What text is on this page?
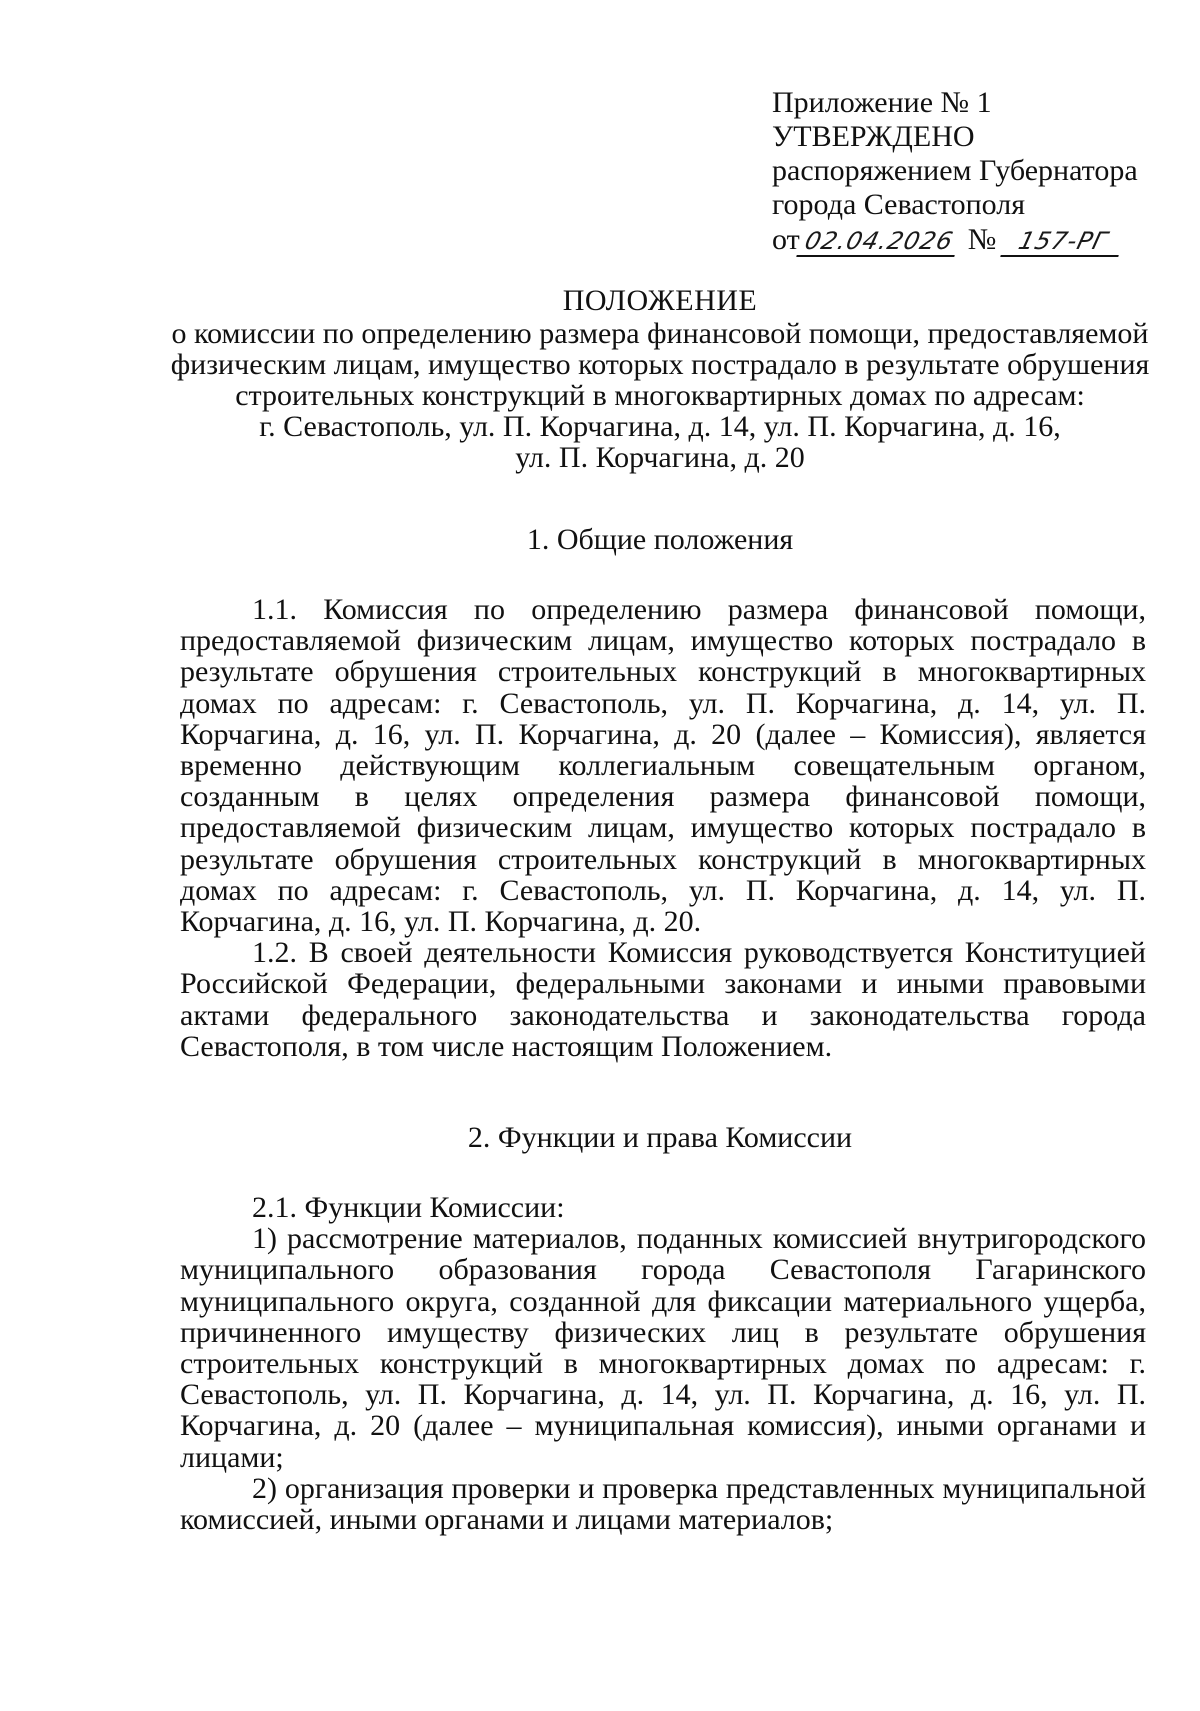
Приложение № 1
УТВЕРЖДЕНО
распоряжением Губернатора
города Севастополя
от02.04.2026 № 157-РГ
ПОЛОЖЕНИЕ
о комиссии по определению размера финансовой помощи, предоставляемой
физическим лицам, имущество которых пострадало в результате обрушения
строительных конструкций в многоквартирных домах по адресам:
г. Севастополь, ул. П. Корчагина, д. 14, ул. П. Корчагина, д. 16,
ул. П. Корчагина, д. 20
1. Общие положения

1.1. Комиссия по определению размера финансовой помощи, предоставляемой физическим лицам, имущество которых пострадало в результате обрушения строительных конструкций в многоквартирных домах по адресам: г. Севастополь, ул. П. Корчагина, д. 14, ул. П. Корчагина, д. 16, ул. П. Корчагина, д. 20 (далее – Комиссия), является временно действующим коллегиальным совещательным органом, созданным в целях определения размера финансовой помощи, предоставляемой физическим лицам, имущество которых пострадало в результате обрушения строительных конструкций в многоквартирных домах по адресам: г. Севастополь, ул. П. Корчагина, д. 14, ул. П. Корчагина, д. 16, ул. П. Корчагина, д. 20.

1.2. В своей деятельности Комиссия руководствуется Конституцией Российской Федерации, федеральными законами и иными правовыми актами федерального законодательства и законодательства города Севастополя, в том числе настоящим Положением.

2. Функции и права Комиссии

2.1. Функции Комиссии:

1) рассмотрение материалов, поданных комиссией внутригородского муниципального образования города Севастополя Гагаринского муниципального округа, созданной для фиксации материального ущерба, причиненного имуществу физических лиц в результате обрушения строительных конструкций в многоквартирных домах по адресам: г. Севастополь, ул. П. Корчагина, д. 14, ул. П. Корчагина, д. 16, ул. П. Корчагина, д. 20 (далее – муниципальная комиссия), иными органами и лицами;

2) организация проверки и проверка представленных муниципальной комиссией, иными органами и лицами материалов;
